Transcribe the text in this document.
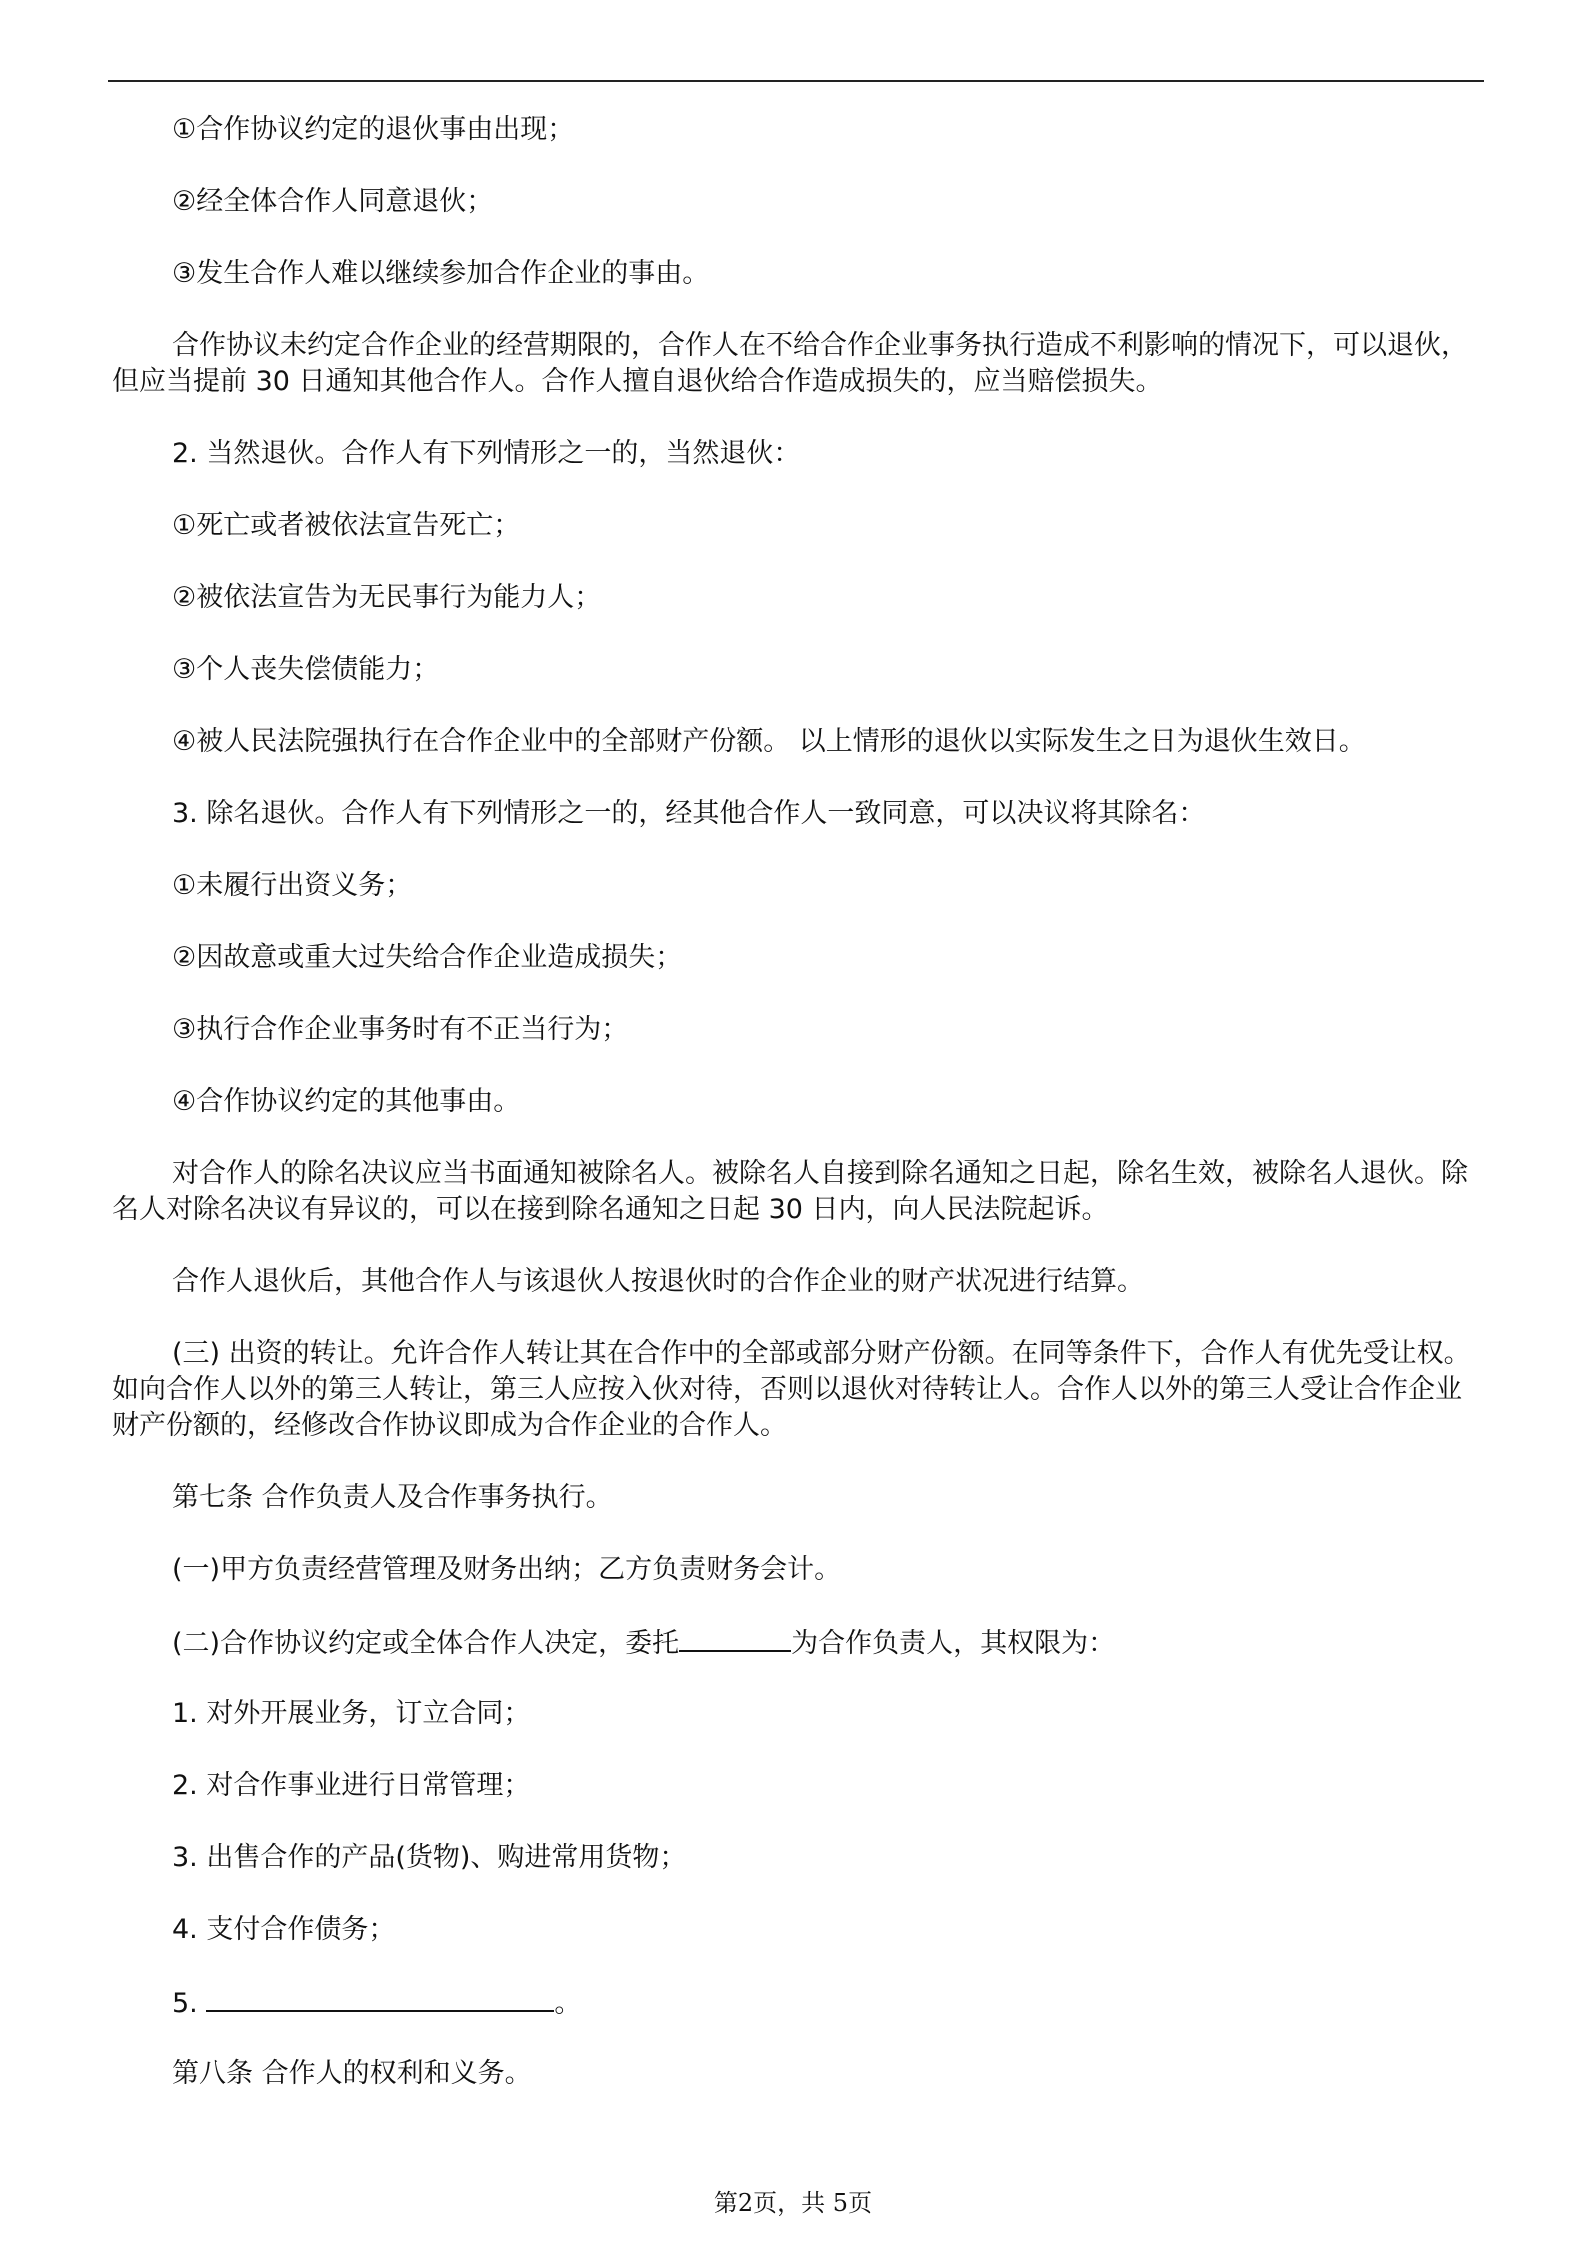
①合作协议约定的退伙事由出现；

②经全体合作人同意退伙；

③发生合作人难以继续参加合作企业的事由。

合作协议未约定合作企业的经营期限的，合作人在不给合作企业事务执行造成不利影响的情况下，可以退伙，但应当提前 30 日通知其他合作人。合作人擅自退伙给合作造成损失的，应当赔偿损失。

2. 当然退伙。合作人有下列情形之一的，当然退伙：

①死亡或者被依法宣告死亡；

②被依法宣告为无民事行为能力人；

③个人丧失偿债能力；

④被人民法院强执行在合作企业中的全部财产份额。 以上情形的退伙以实际发生之日为退伙生效日。

3. 除名退伙。合作人有下列情形之一的，经其他合作人一致同意，可以决议将其除名：

①未履行出资义务；

②因故意或重大过失给合作企业造成损失；

③执行合作企业事务时有不正当行为；

④合作协议约定的其他事由。

对合作人的除名决议应当书面通知被除名人。被除名人自接到除名通知之日起，除名生效，被除名人退伙。除名人对除名决议有异议的，可以在接到除名通知之日起 30 日内，向人民法院起诉。

合作人退伙后，其他合作人与该退伙人按退伙时的合作企业的财产状况进行结算。

(三) 出资的转让。允许合作人转让其在合作中的全部或部分财产份额。在同等条件下，合作人有优先受让权。如向合作人以外的第三人转让，第三人应按入伙对待，否则以退伙对待转让人。合作人以外的第三人受让合作企业财产份额的，经修改合作协议即成为合作企业的合作人。

第七条 合作负责人及合作事务执行。

(一)甲方负责经营管理及财务出纳；乙方负责财务会计。

(二)合作协议约定或全体合作人决定，委托	为合作负责人，其权限为：

1. 对外开展业务，订立合同；

2. 对合作事业进行日常管理；

3. 出售合作的产品(货物)、购进常用货物；

4. 支付合作债务；

5.	。

第八条 合作人的权利和义务。

第2页，共 5页
